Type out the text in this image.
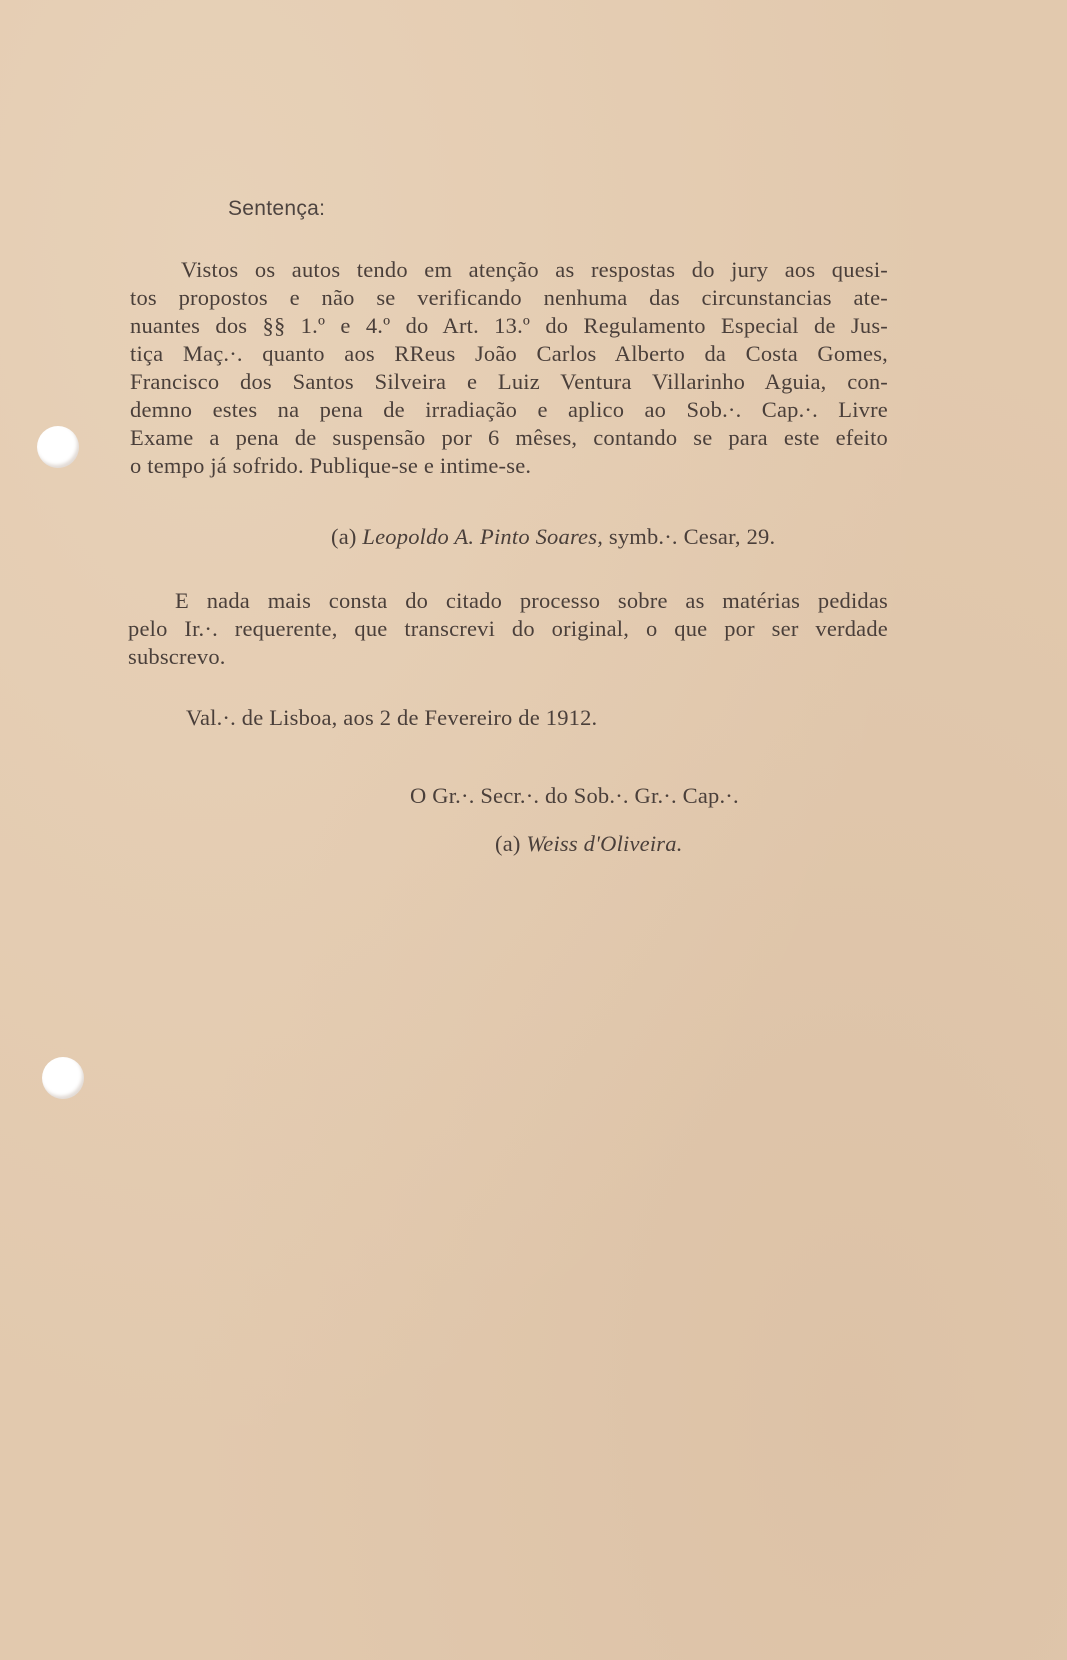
Sentença:
Vistos os autos tendo em atenção as respostas do jury aos quesi-
tos propostos e não se verificando nenhuma das circunstancias ate-
nuantes dos §§ 1.º e 4.º do Art. 13.º do Regulamento Especial de Jus-
tiça Maç.·. quanto aos RReus João Carlos Alberto da Costa Gomes,
Francisco dos Santos Silveira e Luiz Ventura Villarinho Aguia, con-
demno estes na pena de irradiação e aplico ao Sob.·. Cap.·. Livre
Exame a pena de suspensão por 6 mêses, contando se para este efeito
o tempo já sofrido. Publique-se e intime-se.
(a) Leopoldo A. Pinto Soares, symb.·. Cesar, 29.
E nada mais consta do citado processo sobre as matérias pedidas
pelo Ir.·. requerente, que transcrevi do original, o que por ser verdade
subscrevo.
Val.·. de Lisboa, aos 2 de Fevereiro de 1912.
O Gr.·. Secr.·. do Sob.·. Gr.·. Cap.·.
(a) Weiss d'Oliveira.
